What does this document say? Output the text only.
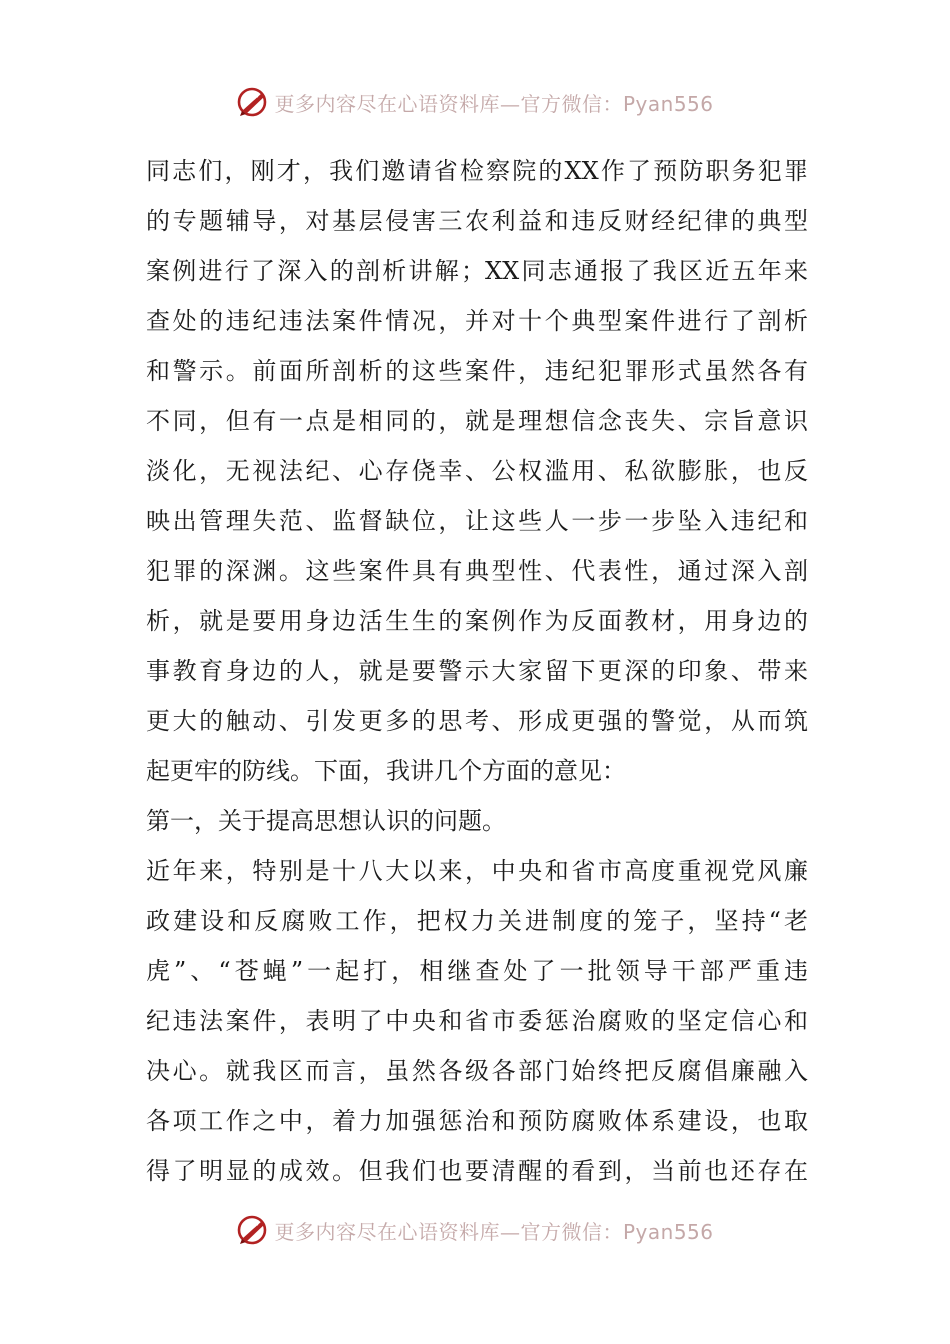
更多内容尽在心语资料库—官方微信：Pyan556
同志们，刚才，我们邀请省检察院的XX作了预防职务犯罪
的专题辅导，对基层侵害三农利益和违反财经纪律的典型
案例进行了深入的剖析讲解；XX同志通报了我区近五年来
查处的违纪违法案件情况，并对十个典型案件进行了剖析
和警示。前面所剖析的这些案件，违纪犯罪形式虽然各有
不同，但有一点是相同的，就是理想信念丧失、宗旨意识
淡化，无视法纪、心存侥幸、公权滥用、私欲膨胀，也反
映出管理失范、监督缺位，让这些人一步一步坠入违纪和
犯罪的深渊。这些案件具有典型性、代表性，通过深入剖
析，就是要用身边活生生的案例作为反面教材，用身边的
事教育身边的人，就是要警示大家留下更深的印象、带来
更大的触动、引发更多的思考、形成更强的警觉，从而筑
起更牢的防线。下面，我讲几个方面的意见：
第一，关于提高思想认识的问题。
近年来，特别是十八大以来，中央和省市高度重视党风廉
政建设和反腐败工作，把权力关进制度的笼子，坚持“老
虎”、“苍蝇”一起打，相继查处了一批领导干部严重违
纪违法案件，表明了中央和省市委惩治腐败的坚定信心和
决心。就我区而言，虽然各级各部门始终把反腐倡廉融入
各项工作之中，着力加强惩治和预防腐败体系建设，也取
得了明显的成效。但我们也要清醒的看到，当前也还存在
更多内容尽在心语资料库—官方微信：Pyan556
